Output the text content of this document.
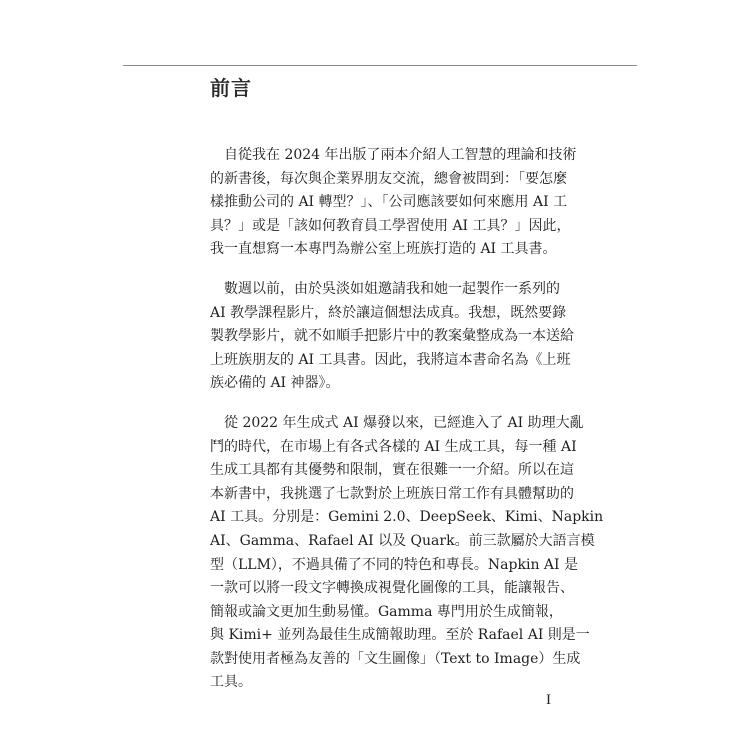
前言
　自從我在 2024 年出版了兩本介紹人工智慧的理論和技術
的新書後，每次與企業界朋友交流，總會被問到：「要怎麼
樣推動公司的 AI 轉型？」、「公司應該要如何來應用 AI 工
具？」或是「該如何教育員工學習使用 AI 工具？」因此，
我一直想寫一本專門為辦公室上班族打造的 AI 工具書。
　數週以前，由於吳淡如姐邀請我和她一起製作一系列的
AI 教學課程影片，終於讓這個想法成真。我想，既然要錄
製教學影片，就不如順手把影片中的教案彙整成為一本送給
上班族朋友的 AI 工具書。因此，我將這本書命名為《上班
族必備的 AI 神器》。
　從 2022 年生成式 AI 爆發以來，已經進入了 AI 助理大亂
鬥的時代，在市場上有各式各樣的 AI 生成工具，每一種 AI
生成工具都有其優勢和限制，實在很難一一介紹。所以在這
本新書中，我挑選了七款對於上班族日常工作有具體幫助的
AI 工具。分別是：Gemini 2.0、DeepSeek、Kimi、Napkin
AI、Gamma、Rafael AI 以及 Quark。前三款屬於大語言模
型（LLM），不過具備了不同的特色和專長。Napkin AI 是
一款可以將一段文字轉換成視覺化圖像的工具，能讓報告、
簡報或論文更加生動易懂。Gamma 專門用於生成簡報，
與 Kimi+ 並列為最佳生成簡報助理。至於 Rafael AI 則是一
款對使用者極為友善的「文生圖像」（Text to Image）生成
工具。
I
